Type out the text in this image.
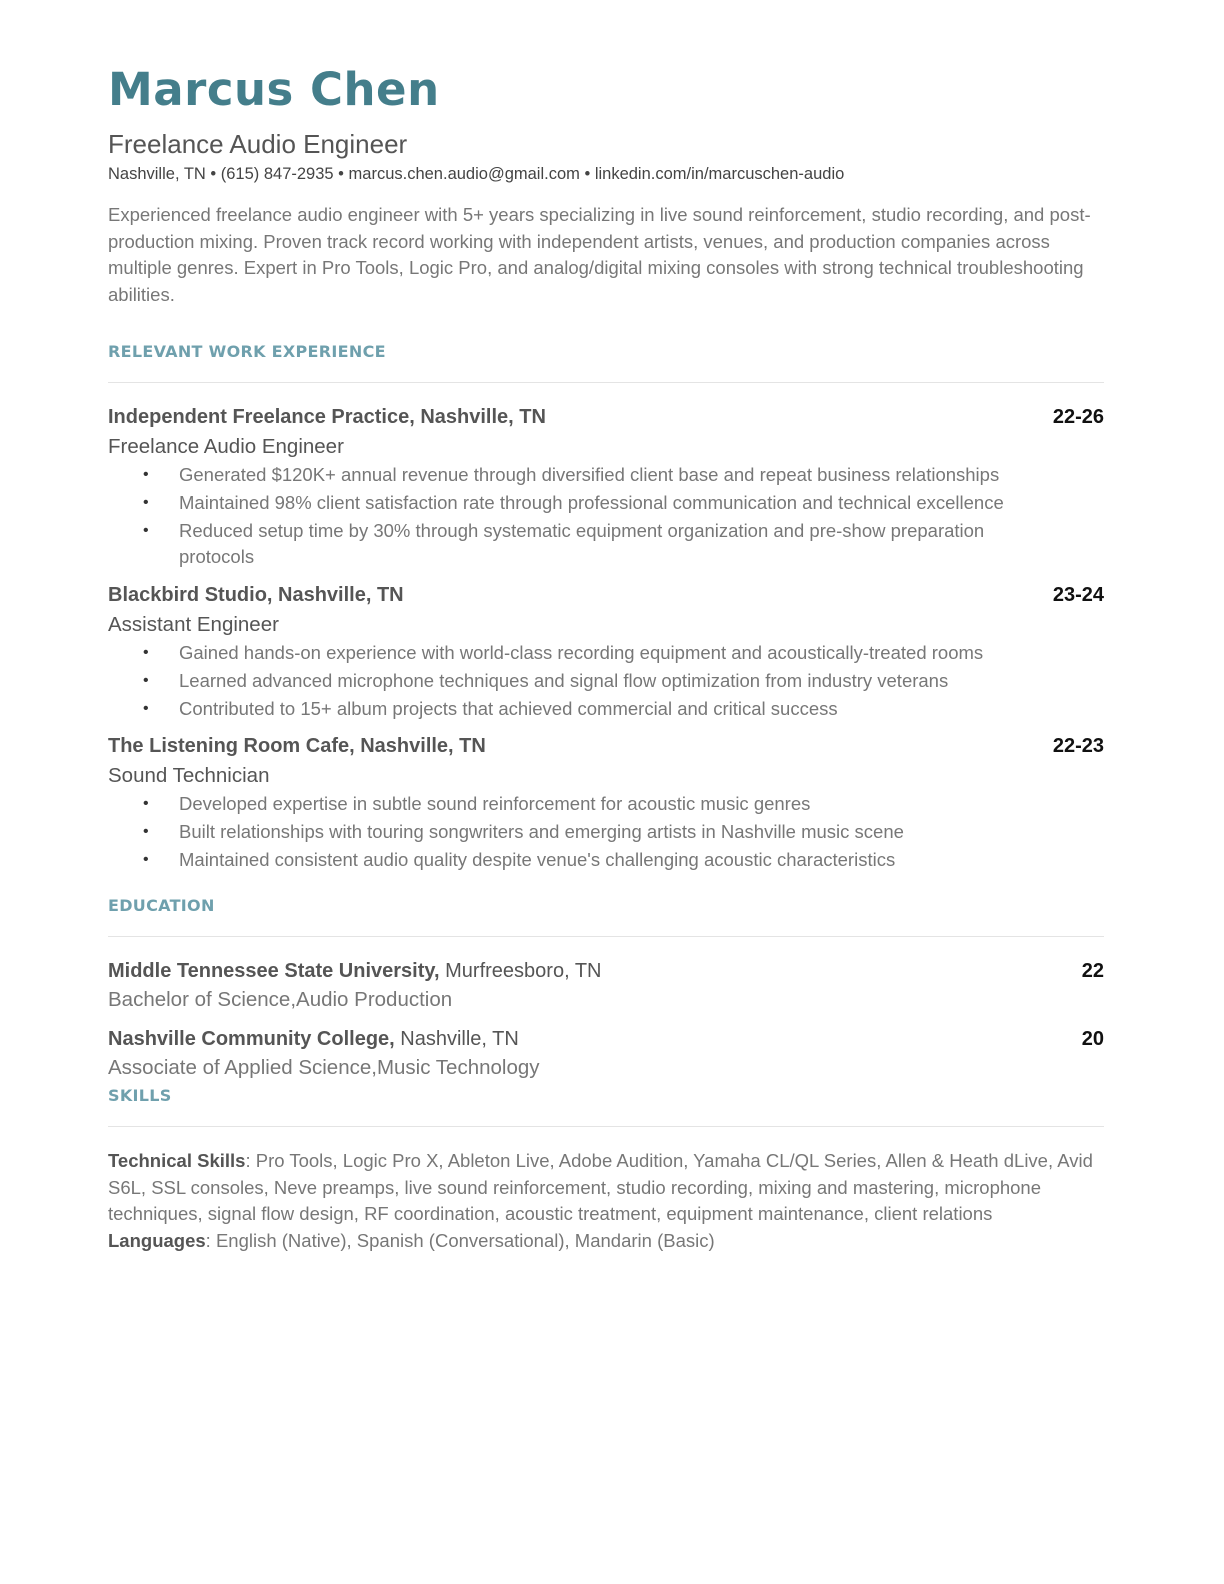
Marcus Chen
Freelance Audio Engineer
Nashville, TN • (615) 847-2935 • marcus.chen.audio@gmail.com • linkedin.com/in/marcuschen-audio
Experienced freelance audio engineer with 5+ years specializing in live sound reinforcement, studio recording, and post-production mixing. Proven track record working with independent artists, venues, and production companies across multiple genres. Expert in Pro Tools, Logic Pro, and analog/digital mixing consoles with strong technical troubleshooting abilities.
RELEVANT WORK EXPERIENCE
Independent Freelance Practice, Nashville, TN	22-26
Freelance Audio Engineer
• Generated $120K+ annual revenue through diversified client base and repeat business relationships
• Maintained 98% client satisfaction rate through professional communication and technical excellence
• Reduced setup time by 30% through systematic equipment organization and pre-show preparation protocols
Blackbird Studio, Nashville, TN	23-24
Assistant Engineer
• Gained hands-on experience with world-class recording equipment and acoustically-treated rooms
• Learned advanced microphone techniques and signal flow optimization from industry veterans
• Contributed to 15+ album projects that achieved commercial and critical success
The Listening Room Cafe, Nashville, TN	22-23
Sound Technician
• Developed expertise in subtle sound reinforcement for acoustic music genres
• Built relationships with touring songwriters and emerging artists in Nashville music scene
• Maintained consistent audio quality despite venue's challenging acoustic characteristics
EDUCATION
Middle Tennessee State University, Murfreesboro, TN	22
Bachelor of Science,Audio Production
Nashville Community College, Nashville, TN	20
Associate of Applied Science,Music Technology
SKILLS

Technical Skills: Pro Tools, Logic Pro X, Ableton Live, Adobe Audition, Yamaha CL/QL Series, Allen & Heath dLive, Avid S6L, SSL consoles, Neve preamps, live sound reinforcement, studio recording, mixing and mastering, microphone techniques, signal flow design, RF coordination, acoustic treatment, equipment maintenance, client relations

Languages: English (Native), Spanish (Conversational), Mandarin (Basic)
